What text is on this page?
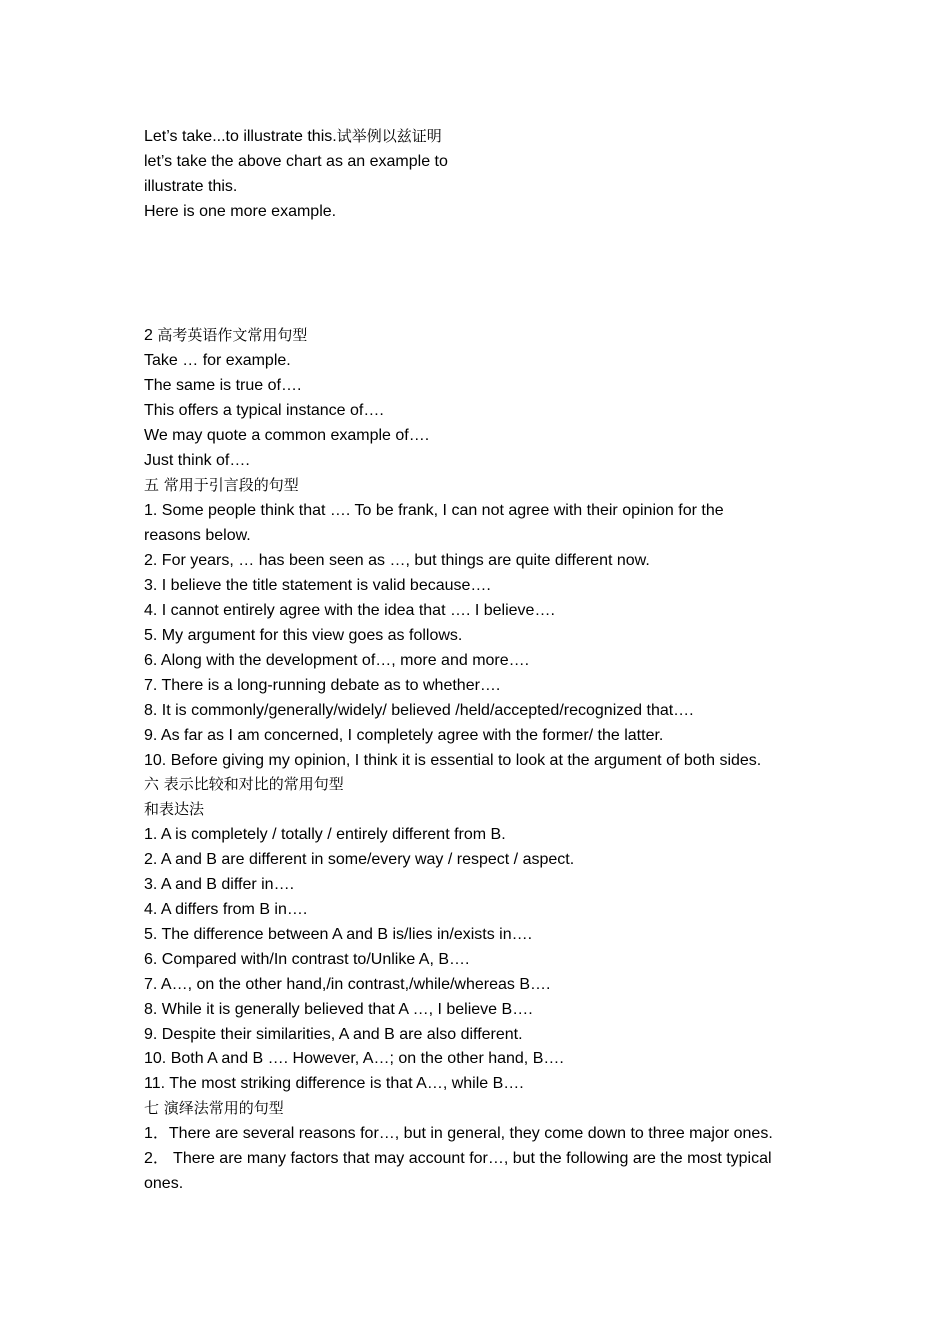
Let’s take...to illustrate this.试举例以兹证明
let’s take the above chart as an example to
illustrate this.
Here is one more example.
2 高考英语作文常用句型
Take … for example.
The same is true of….
This offers a typical instance of….
We may quote a common example of….
Just think of….
五 常用于引言段的句型
1. Some people think that …. To be frank, I can not agree with their opinion for the
reasons below.
2. For years, … has been seen as …, but things are quite different now.
3. I believe the title statement is valid because….
4. I cannot entirely agree with the idea that …. I believe….
5. My argument for this view goes as follows.
6. Along with the development of…, more and more….
7. There is a long-running debate as to whether….
8. It is commonly/generally/widely/ believed /held/accepted/recognized that….
9. As far as I am concerned, I completely agree with the former/ the latter.
10. Before giving my opinion, I think it is essential to look at the argument of both sides.
六 表示比较和对比的常用句型
和表达法
1. A is completely / totally / entirely different from B.
2. A and B are different in some/every way / respect / aspect.
3. A and B differ in….
4. A differs from B in….
5. The difference between A and B is/lies in/exists in….
6. Compared with/In contrast to/Unlike A, B….
7. A…, on the other hand,/in contrast,/while/whereas B….
8. While it is generally believed that A …, I believe B….
9. Despite their similarities, A and B are also different.
10. Both A and B …. However, A…; on the other hand, B….
11. The most striking difference is that A…, while B….
七 演绎法常用的句型
1．There are several reasons for…, but in general, they come down to three major ones.
2． There are many factors that may account for…, but the following are the most typical
ones.
